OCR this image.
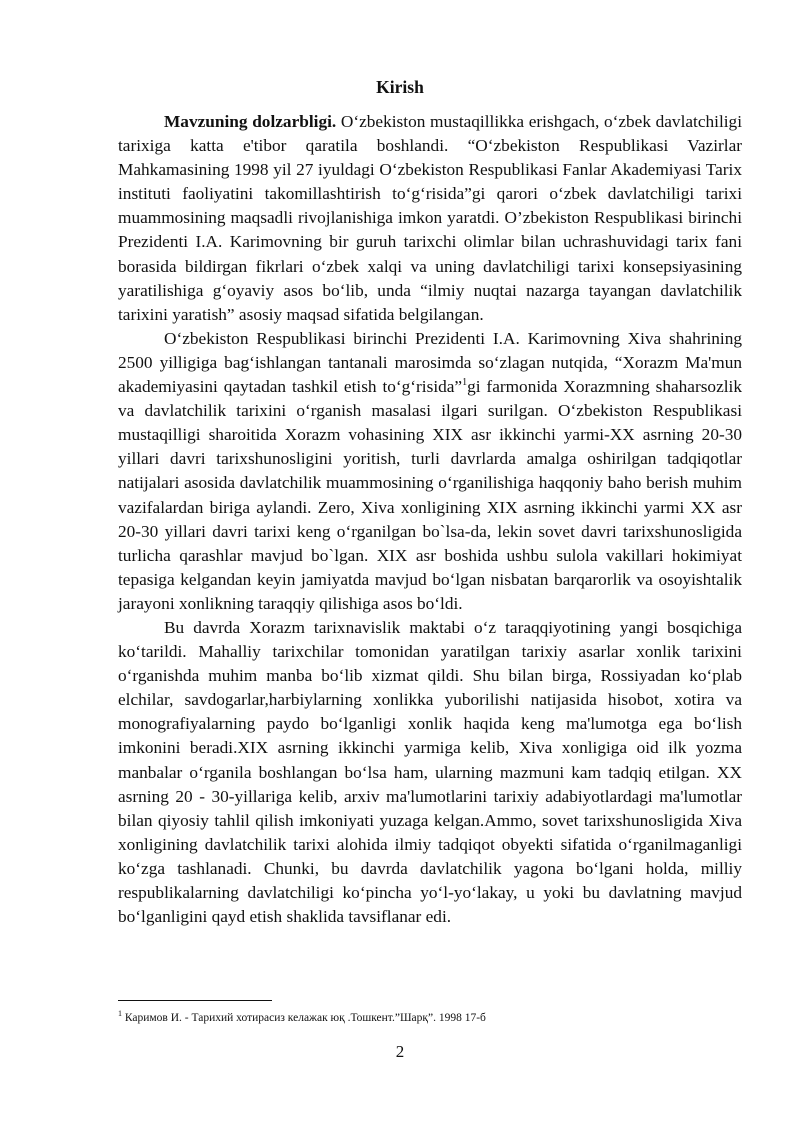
Kirish

Mavzuning dolzarbligi. O‘zbekiston mustaqillikka erishgach, o‘zbek davlatchiligi tarixiga katta e'tibor qaratila boshlandi. “O‘zbekiston Respublikasi Vazirlar Mahkamasining 1998 yil 27 iyuldagi O‘zbekiston Respublikasi Fanlar Akademiyasi Tarix instituti faoliyatini takomillashtirish to‘g‘risida”gi qarori o‘zbek davlatchiligi tarixi muammosining maqsadli rivojlanishiga imkon yaratdi. O’zbekiston Respublikasi birinchi Prezidenti I.A. Karimovning bir guruh tarixchi olimlar bilan uchrashuvidagi tarix fani borasida bildirgan fikrlari o‘zbek xalqi va uning davlatchiligi tarixi konsepsiyasining yaratilishiga g‘oyaviy asos bo‘lib, unda “ilmiy nuqtai nazarga tayangan davlatchilik tarixini yaratish” asosiy maqsad sifatida belgilangan.

O‘zbekiston Respublikasi birinchi Prezidenti I.A. Karimovning Xiva shahrining 2500 yilligiga bag‘ishlangan tantanali marosimda so‘zlagan nutqida, “Xorazm Ma'mun akademiyasini qaytadan tashkil etish to‘g‘risida”$^1$gi farmonida Xorazmning shaharsozlik va davlatchilik tarixini o‘rganish masalasi ilgari surilgan. O‘zbekiston Respublikasi mustaqilligi sharoitida Xorazm vohasining XIX asr ikkinchi yarmi-XX asrning 20-30 yillari davri tarixshunosligini yoritish, turli davrlarda amalga oshirilgan tadqiqotlar natijalari asosida davlatchilik muammosining o‘rganilishiga haqqoniy baho berish muhim vazifalardan biriga aylandi. Zero, Xiva xonligining XIX asrning ikkinchi yarmi XX asr 20-30 yillari davri tarixi keng o‘rganilgan bo`lsa-da, lekin sovet davri tarixshunosligida turlicha qarashlar mavjud bo`lgan. XIX asr boshida ushbu sulola vakillari hokimiyat tepasiga kelgandan keyin jamiyatda mavjud bo‘lgan nisbatan barqarorlik va osoyishtalik jarayoni xonlikning taraqqiy qilishiga asos bo‘ldi.

Bu davrda Xorazm tarixnavislik maktabi o‘z taraqqiyotining yangi bosqichiga ko‘tarildi. Mahalliy tarixchilar tomonidan yaratilgan tarixiy asarlar xonlik tarixini o‘rganishda muhim manba bo‘lib xizmat qildi. Shu bilan birga, Rossiyadan ko‘plab elchilar, savdogarlar,harbiylarning xonlikka yuborilishi natijasida hisobot, xotira va monografiyalarning paydo bo‘lganligi xonlik haqida keng ma'lumotga ega bo‘lish imkonini beradi.XIX asrning ikkinchi yarmiga kelib, Xiva xonligiga oid ilk yozma manbalar o‘rganila boshlangan bo‘lsa ham, ularning mazmuni kam tadqiq etilgan. XX asrning 20 - 30-yillariga kelib, arxiv ma'lumotlarini tarixiy adabiyotlardagi ma'lumotlar bilan qiyosiy tahlil qilish imkoniyati yuzaga kelgan.Ammo, sovet tarixshunosligida Xiva xonligining davlatchilik tarixi alohida ilmiy tadqiqot obyekti sifatida o‘rganilmaganligi ko‘zga tashlanadi. Chunki, bu davrda davlatchilik yagona bo‘lgani holda, milliy respublikalarning davlatchiligi ko‘pincha yo‘l-yo‘lakay, u yoki bu davlatning mavjud bo‘lganligini qayd etish shaklida tavsiflanar edi.

$^1$ Каримов И. - Тарихий хотирасиз келажак юқ .Тошкент.”Шарқ”. 1998 17-б
2
